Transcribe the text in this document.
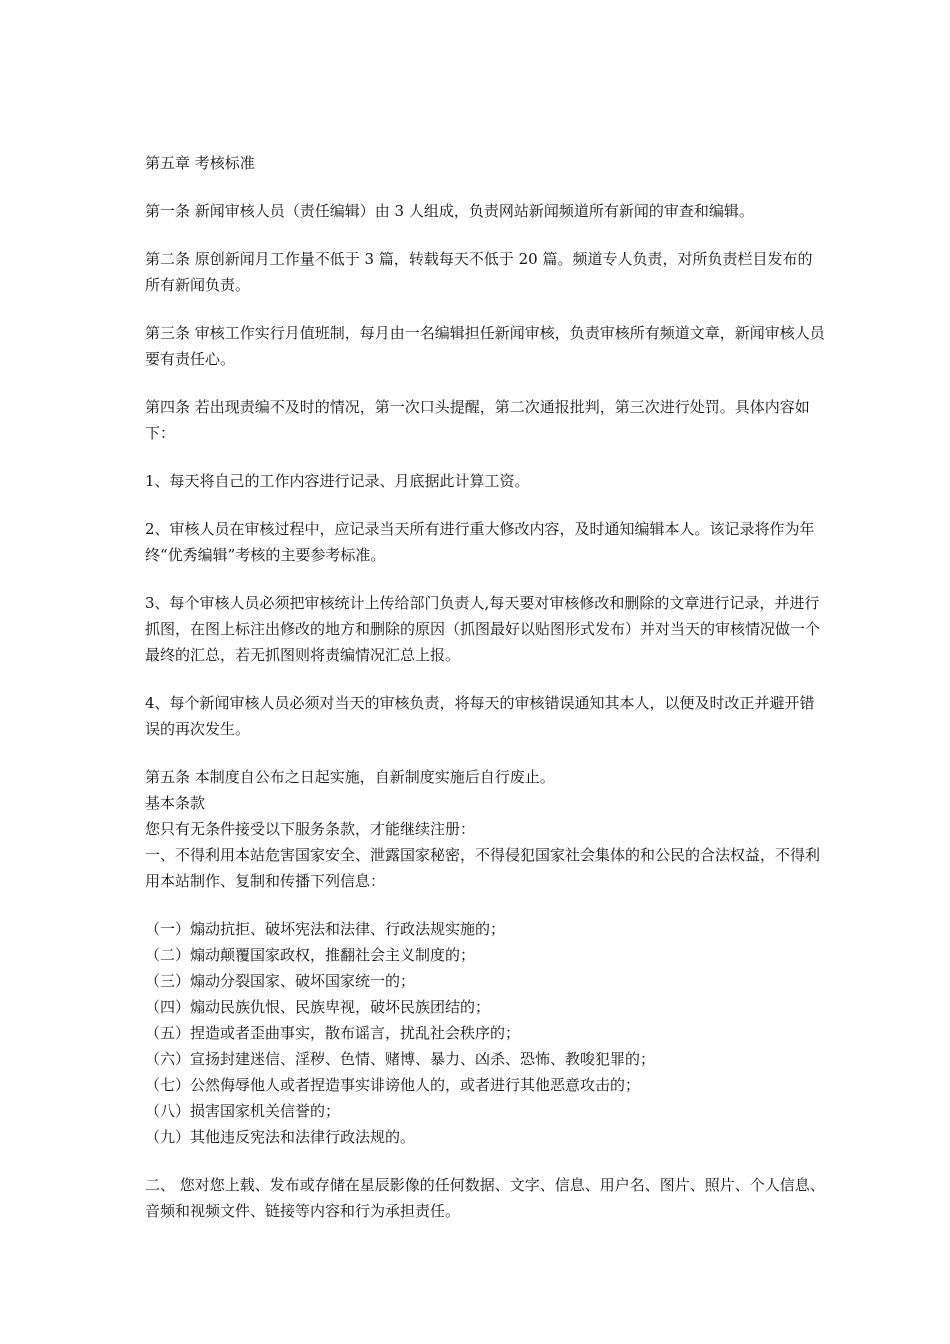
第五章 考核标准

第一条 新闻审核人员（责任编辑）由 3 人组成，负责网站新闻频道所有新闻的审查和编辑。

第二条 原创新闻月工作量不低于 3 篇，转载每天不低于 20 篇。频道专人负责，对所负责栏目发布的所有新闻负责。

第三条 审核工作实行月值班制，每月由一名编辑担任新闻审核，负责审核所有频道文章，新闻审核人员要有责任心。

第四条 若出现责编不及时的情况，第一次口头提醒，第二次通报批判，第三次进行处罚。具体内容如下：

1、每天将自己的工作内容进行记录、月底据此计算工资。

2、审核人员在审核过程中，应记录当天所有进行重大修改内容，及时通知编辑本人。该记录将作为年终“优秀编辑”考核的主要参考标准。

3、每个审核人员必须把审核统计上传给部门负责人,每天要对审核修改和删除的文章进行记录，并进行抓图，在图上标注出修改的地方和删除的原因（抓图最好以贴图形式发布）并对当天的审核情况做一个最终的汇总，若无抓图则将责编情况汇总上报。

4、每个新闻审核人员必须对当天的审核负责，将每天的审核错误通知其本人，以便及时改正并避开错误的再次发生。

第五条 本制度自公布之日起实施，自新制度实施后自行废止。

基本条款

您只有无条件接受以下服务条款，才能继续注册：

一、不得利用本站危害国家安全、泄露国家秘密，不得侵犯国家社会集体的和公民的合法权益，不得利用本站制作、复制和传播下列信息：

（一）煽动抗拒、破坏宪法和法律、行政法规实施的；

（二）煽动颠覆国家政权，推翻社会主义制度的；

（三）煽动分裂国家、破坏国家统一的；

（四）煽动民族仇恨、民族卑视，破坏民族团结的；

（五）捏造或者歪曲事实，散布谣言，扰乱社会秩序的；

（六）宣扬封建迷信、淫秽、色情、赌博、暴力、凶杀、恐怖、教唆犯罪的；

（七）公然侮辱他人或者捏造事实诽谤他人的，或者进行其他恶意攻击的；

（八）损害国家机关信誉的；

（九）其他违反宪法和法律行政法规的。

二、 您对您上载、发布或存储在星辰影像的任何数据、文字、信息、用户名、图片、照片、个人信息、音频和视频文件、链接等内容和行为承担责任。
